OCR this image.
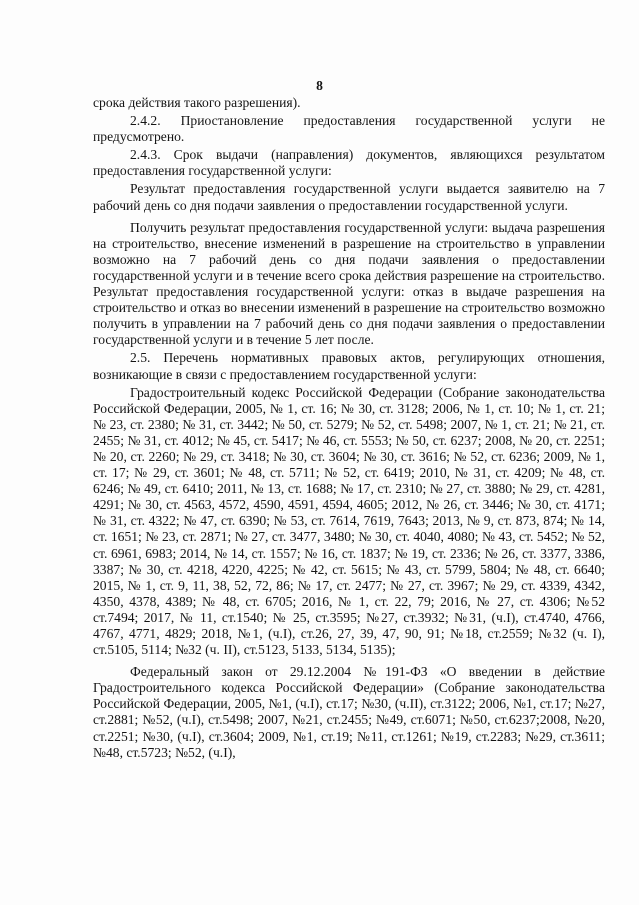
8

срока действия такого разрешения).

2.4.2. Приостановление предоставления государственной услуги не предусмотрено.

2.4.3. Срок выдачи (направления) документов, являющихся результатом предоставления государственной услуги:

Результат предоставления государственной услуги выдается заявителю на 7 рабочий день со дня подачи заявления о предоставлении государственной услуги.

Получить результат предоставления государственной услуги: выдача разрешения на строительство, внесение изменений в разрешение на строительство в управлении возможно на 7 рабочий день со дня подачи заявления о предоставлении государственной услуги и в течение всего срока действия разрешение на строительство. Результат предоставления государственной услуги: отказ в выдаче разрешения на строительство и отказ во внесении изменений в разрешение на строительство возможно получить в управлении на 7 рабочий день со дня подачи заявления о предоставлении государственной услуги и в течение 5 лет после.

2.5. Перечень нормативных правовых актов, регулирующих отношения, возникающие в связи с предоставлением государственной услуги:

Градостроительный кодекс Российской Федерации (Собрание законодательства Российской Федерации, 2005, № 1, ст. 16; № 30, ст. 3128; 2006, № 1, ст. 10; № 1, ст. 21; № 23, ст. 2380; № 31, ст. 3442; № 50, ст. 5279; № 52, ст. 5498; 2007, № 1, ст. 21; № 21, ст. 2455; № 31, ст. 4012; № 45, ст. 5417; № 46, ст. 5553; № 50, ст. 6237; 2008, № 20, ст. 2251; № 20, ст. 2260; № 29, ст. 3418; № 30, ст. 3604; № 30, ст. 3616; № 52, ст. 6236; 2009, № 1, ст. 17; № 29, ст. 3601; № 48, ст. 5711; № 52, ст. 6419; 2010, № 31, ст. 4209; № 48, ст. 6246; № 49, ст. 6410; 2011, № 13, ст. 1688; № 17, ст. 2310; № 27, ст. 3880; № 29, ст. 4281, 4291; № 30, ст. 4563, 4572, 4590, 4591, 4594, 4605; 2012, № 26, ст. 3446; № 30, ст. 4171; № 31, ст. 4322; № 47, ст. 6390; № 53, ст. 7614, 7619, 7643; 2013, № 9, ст. 873, 874; № 14, ст. 1651; № 23, ст. 2871; № 27, ст. 3477, 3480; № 30, ст. 4040, 4080; № 43, ст. 5452; № 52, ст. 6961, 6983; 2014, № 14, ст. 1557; № 16, ст. 1837; № 19, ст. 2336; № 26, ст. 3377, 3386, 3387; № 30, ст. 4218, 4220, 4225; № 42, ст. 5615; № 43, ст. 5799, 5804; № 48, ст. 6640; 2015, № 1, ст. 9, 11, 38, 52, 72, 86; № 17, ст. 2477; № 27, ст. 3967; № 29, ст. 4339, 4342, 4350, 4378, 4389; № 48, ст. 6705; 2016, № 1, ст. 22, 79; 2016, № 27, ст. 4306; №52 ст.7494; 2017, № 11, ст.1540; № 25, ст.3595; №27, ст.3932; №31, (ч.I), ст.4740, 4766, 4767, 4771, 4829; 2018, №1, (ч.I), ст.26, 27, 39, 47, 90, 91; №18, ст.2559; №32 (ч. I), ст.5105, 5114; №32 (ч. II), ст.5123, 5133, 5134, 5135);

Федеральный закон от 29.12.2004 №191-ФЗ «О введении в действие Градостроительного кодекса Российской Федерации» (Собрание законодательства Российской Федерации, 2005, №1, (ч.I), ст.17; №30, (ч.II), ст.3122; 2006, №1, ст.17; №27, ст.2881; №52, (ч.I), ст.5498; 2007, №21, ст.2455; №49, ст.6071; №50, ст.6237;2008, №20, ст.2251; №30, (ч.I), ст.3604; 2009, №1, ст.19; №11, ст.1261; №19, ст.2283; №29, ст.3611; №48, ст.5723; №52, (ч.I),
